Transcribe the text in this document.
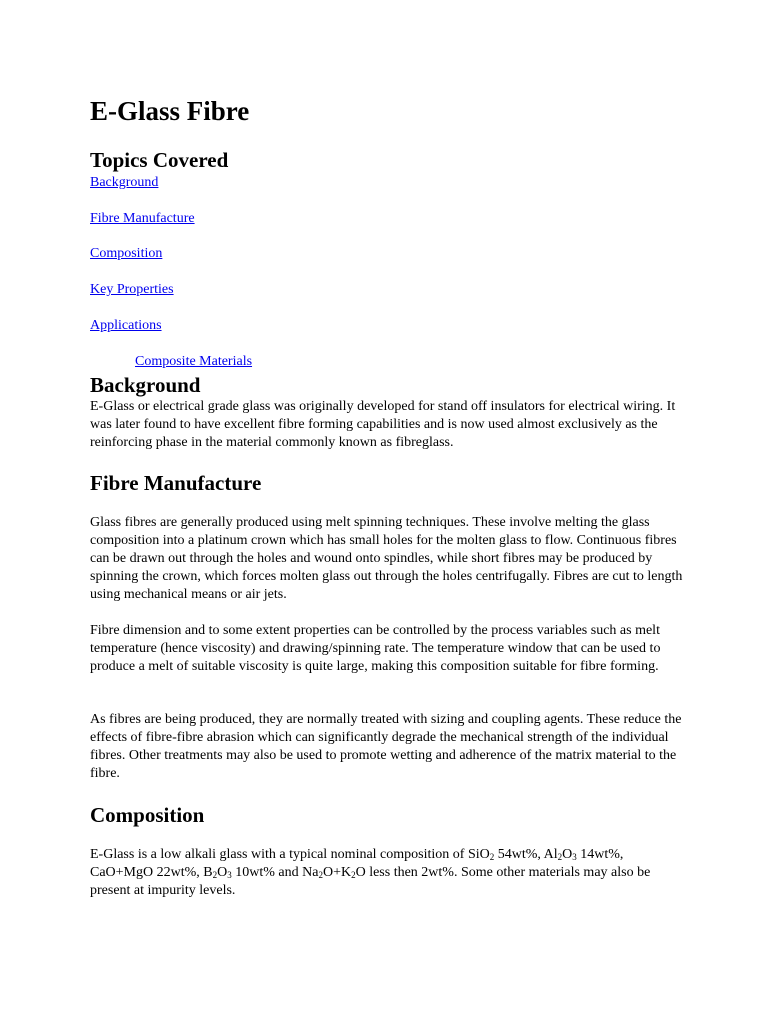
E-Glass Fibre
Topics Covered
Background
Fibre Manufacture
Composition
Key Properties
Applications
Composite Materials
Background

E-Glass or electrical grade glass was originally developed for stand off insulators for electrical wiring. It was later found to have excellent fibre forming capabilities and is now used almost exclusively as the reinforcing phase in the material commonly known as fibreglass.

Fibre Manufacture

Glass fibres are generally produced using melt spinning techniques. These involve melting the glass composition into a platinum crown which has small holes for the molten glass to flow. Continuous fibres can be drawn out through the holes and wound onto spindles, while short fibres may be produced by spinning the crown, which forces molten glass out through the holes centrifugally. Fibres are cut to length using mechanical means or air jets.

Fibre dimension and to some extent properties can be controlled by the process variables such as melt temperature (hence viscosity) and drawing/spinning rate. The temperature window that can be used to produce a melt of suitable viscosity is quite large, making this composition suitable for fibre forming.

As fibres are being produced, they are normally treated with sizing and coupling agents. These reduce the effects of fibre-fibre abrasion which can significantly degrade the mechanical strength of the individual fibres. Other treatments may also be used to promote wetting and adherence of the matrix material to the fibre.

Composition

E-Glass is a low alkali glass with a typical nominal composition of SiO$_2$ 54wt%, $Al_2O_3$ 14wt%, CaO+MgO 22wt%, $B_2O_3$ 10wt% and $Na_2O+K_2O$ less then 2wt%. Some other materials may also be present at impurity levels.
